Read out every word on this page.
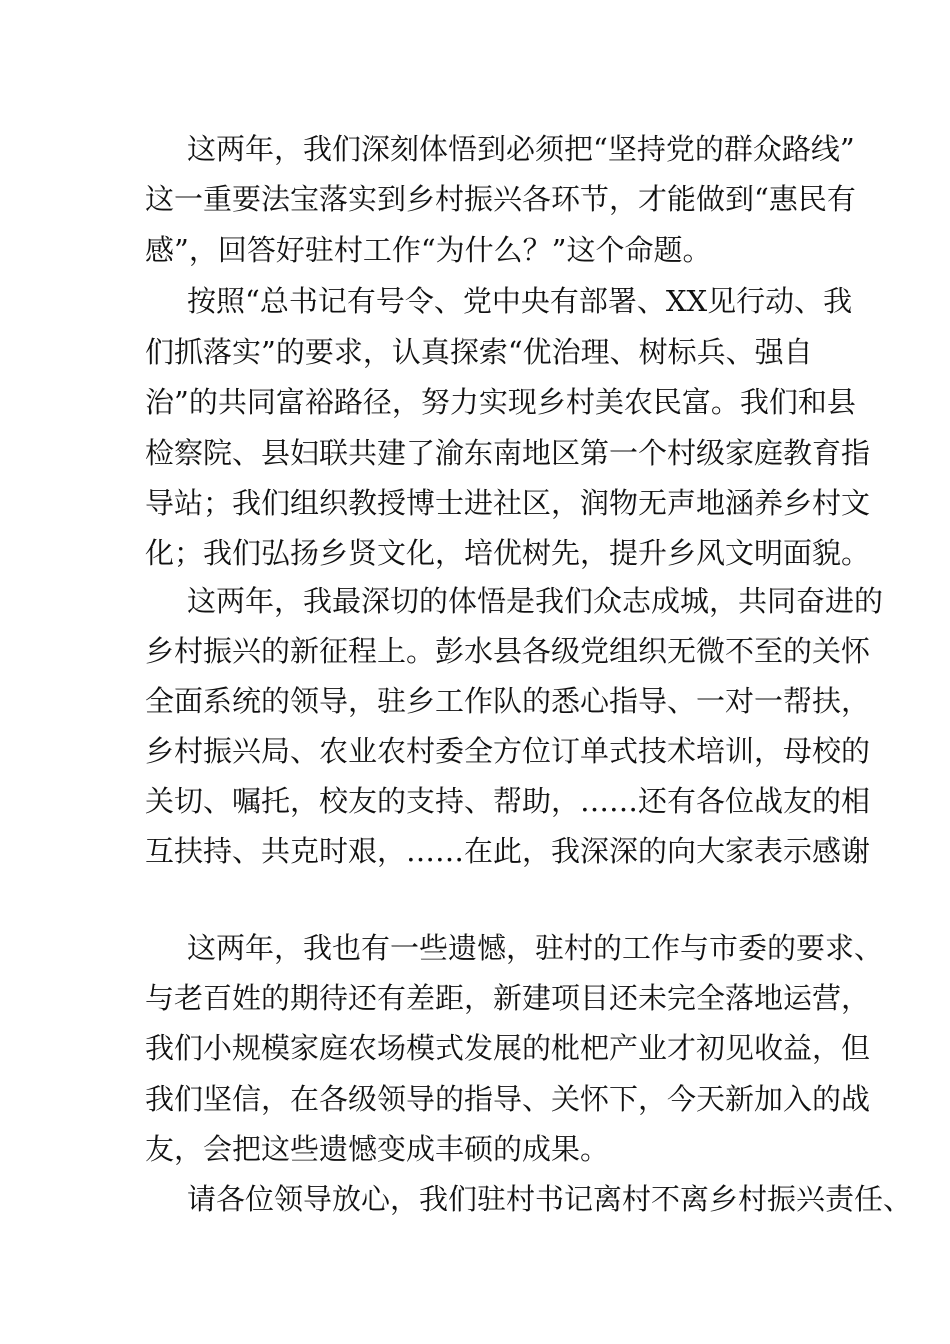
这两年，我们深刻体悟到必须把“坚持党的群众路线”
这一重要法宝落实到乡村振兴各环节，才能做到“惠民有
感”，回答好驻村工作“为什么？”这个命题。
按照“总书记有号令、党中央有部署、XX见行动、我
们抓落实”的要求，认真探索“优治理、树标兵、强自
治”的共同富裕路径，努力实现乡村美农民富。我们和县
检察院、县妇联共建了渝东南地区第一个村级家庭教育指
导站；我们组织教授博士进社区，润物无声地涵养乡村文
化；我们弘扬乡贤文化，培优树先，提升乡风文明面貌。
这两年，我最深切的体悟是我们众志成城，共同奋进的
乡村振兴的新征程上。彭水县各级党组织无微不至的关怀
全面系统的领导，驻乡工作队的悉心指导、一对一帮扶，
乡村振兴局、农业农村委全方位订单式技术培训，母校的
关切、嘱托，校友的支持、帮助，……还有各位战友的相
互扶持、共克时艰，……在此，我深深的向大家表示感谢
这两年，我也有一些遗憾，驻村的工作与市委的要求、
与老百姓的期待还有差距，新建项目还未完全落地运营，
我们小规模家庭农场模式发展的枇杷产业才初见收益，但
我们坚信，在各级领导的指导、关怀下，今天新加入的战
友，会把这些遗憾变成丰硕的成果。
请各位领导放心，我们驻村书记离村不离乡村振兴责任、
